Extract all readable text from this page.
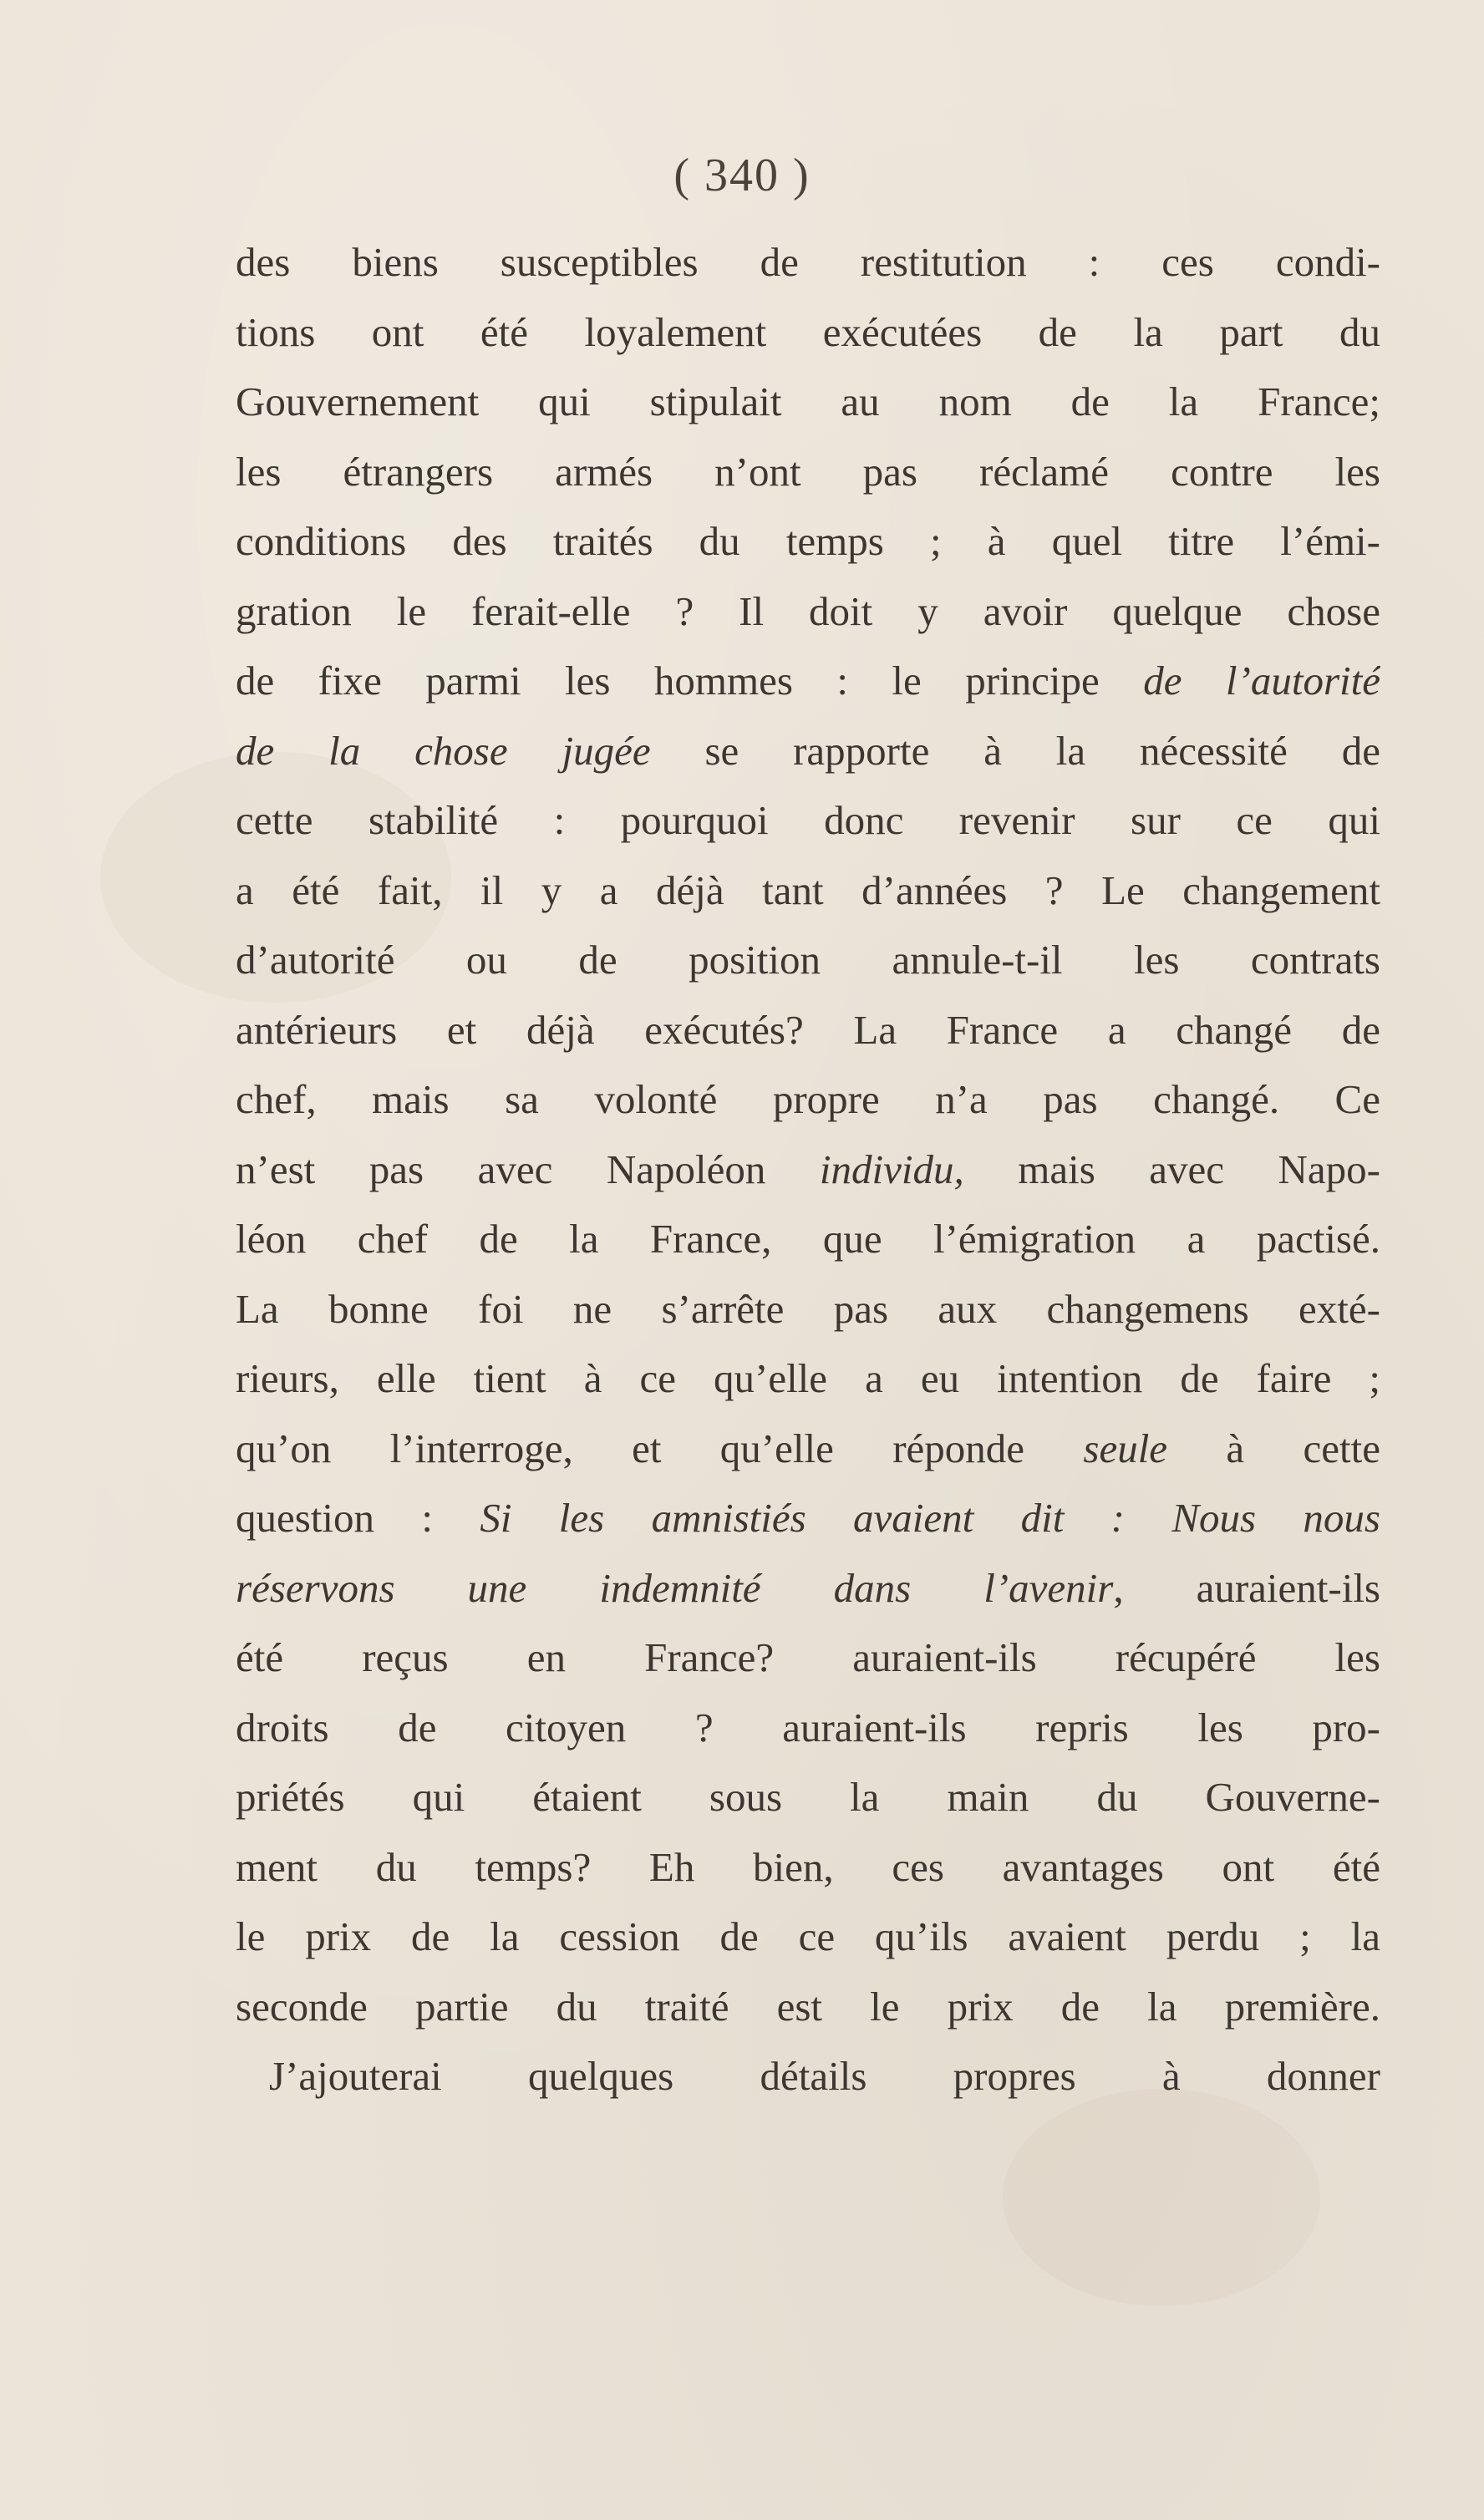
( 340 )
des biens susceptibles de restitution : ces condi-
tions ont été loyalement exécutées de la part du
Gouvernement qui stipulait au nom de la France;
les étrangers armés n’ont pas réclamé contre les
conditions des traités du temps ; à quel titre l’émi-
gration le ferait-elle ? Il doit y avoir quelque chose
de fixe parmi les hommes : le principe de l’autorité
de la chose jugée se rapporte à la nécessité de
cette stabilité : pourquoi donc revenir sur ce qui
a été fait, il y a déjà tant d’années ? Le changement
d’autorité ou de position annule-t-il les contrats
antérieurs et déjà exécutés? La France a changé de
chef, mais sa volonté propre n’a pas changé. Ce
n’est pas avec Napoléon individu, mais avec Napo-
léon chef de la France, que l’émigration a pactisé.
La bonne foi ne s’arrête pas aux changemens exté-
rieurs, elle tient à ce qu’elle a eu intention de faire ;
qu’on l’interroge, et qu’elle réponde seule à cette
question : Si les amnistiés avaient dit : Nous nous
réservons une indemnité dans l’avenir, auraient-ils
été reçus en France? auraient-ils récupéré les
droits de citoyen ? auraient-ils repris les pro-
priétés qui étaient sous la main du Gouverne-
ment du temps? Eh bien, ces avantages ont été
le prix de la cession de ce qu’ils avaient perdu ; la
seconde partie du traité est le prix de la première.
J’ajouterai quelques détails propres à donner
